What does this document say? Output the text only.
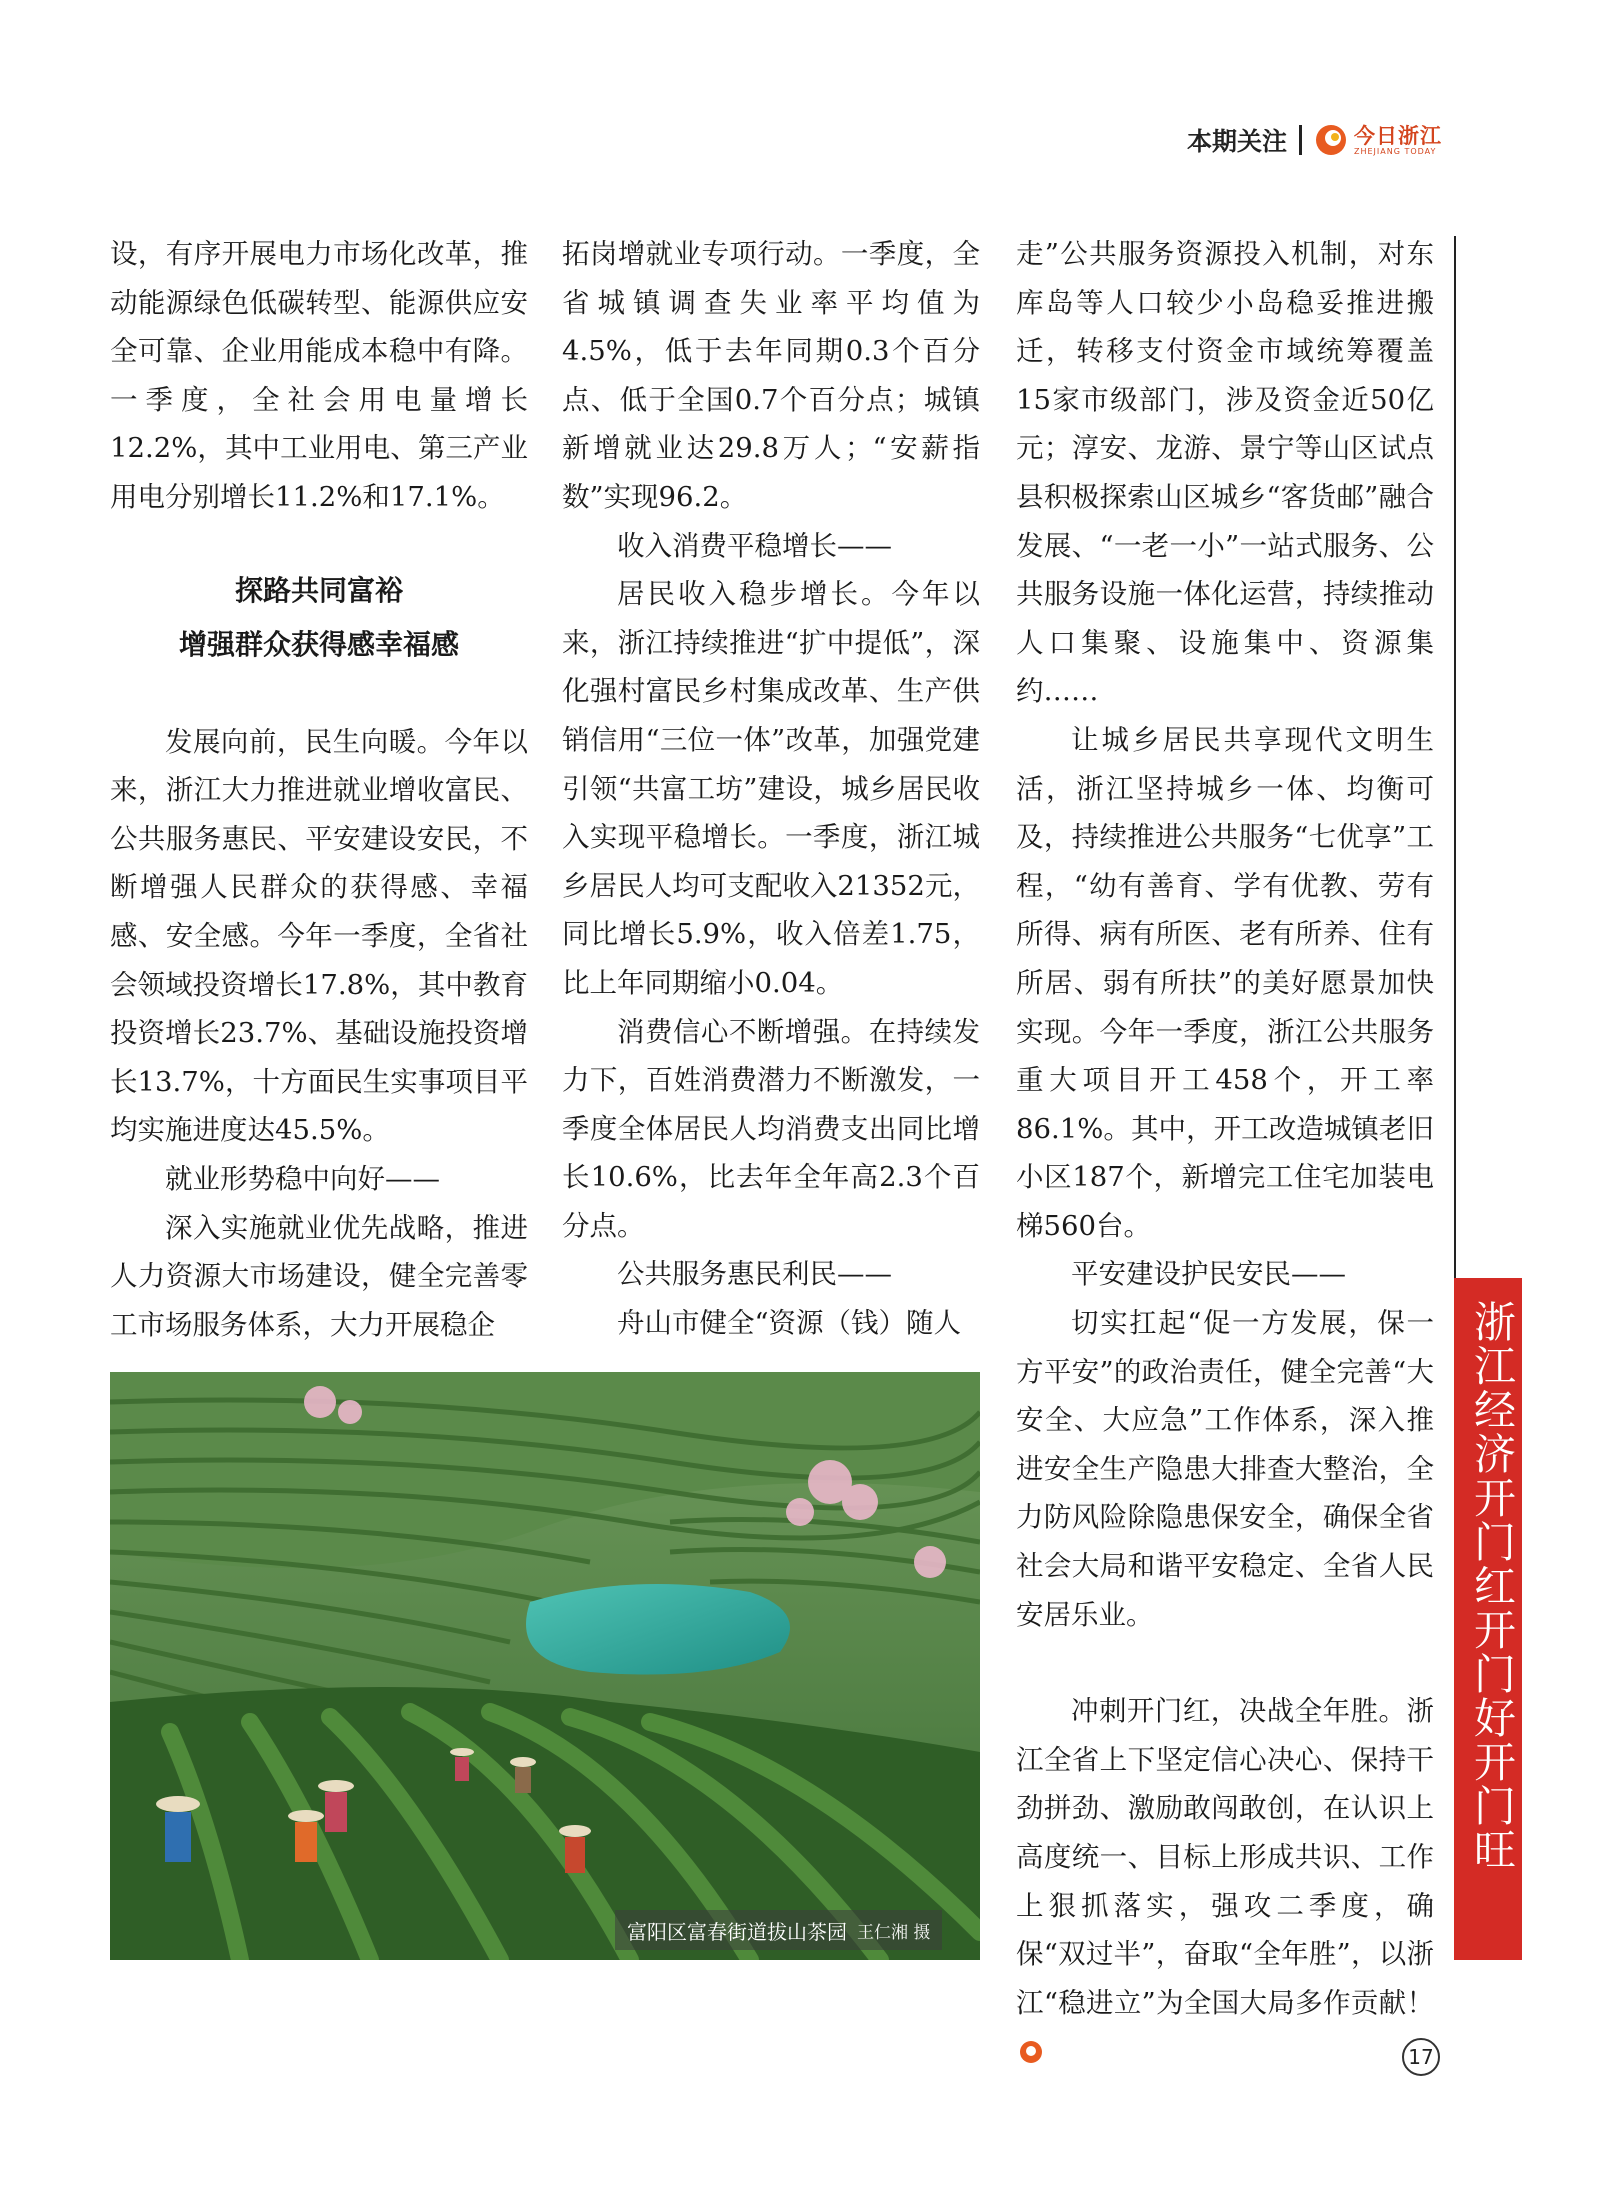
本期关注	今日浙江
ZHEJIANG TODAY

设，有序开展电力市场化改革，推动能源绿色低碳转型、能源供应安全可靠、企业用能成本稳中有降。一季度，全社会用电量增长12.2%，其中工业用电、第三产业用电分别增长11.2%和17.1%。

探路共同富裕
增强群众获得感幸福感

发展向前，民生向暖。今年以来，浙江大力推进就业增收富民、公共服务惠民、平安建设安民，不断增强人民群众的获得感、幸福感、安全感。今年一季度，全省社会领域投资增长17.8%，其中教育投资增长23.7%、基础设施投资增长13.7%，十方面民生实事项目平均实施进度达45.5%。

就业形势稳中向好——

深入实施就业优先战略，推进人力资源大市场建设，健全完善零工市场服务体系，大力开展稳企

拓岗增就业专项行动。一季度，全省城镇调查失业率平均值为4.5%，低于去年同期0.3个百分点、低于全国0.7个百分点；城镇新增就业达29.8万人；“安薪指数”实现96.2。

收入消费平稳增长——

居民收入稳步增长。今年以来，浙江持续推进“扩中提低”，深化强村富民乡村集成改革、生产供销信用“三位一体”改革，加强党建引领“共富工坊”建设，城乡居民收入实现平稳增长。一季度，浙江城乡居民人均可支配收入21352元，同比增长5.9%，收入倍差1.75，比上年同期缩小0.04。

消费信心不断增强。在持续发力下，百姓消费潜力不断激发，一季度全体居民人均消费支出同比增长10.6%，比去年全年高2.3个百分点。

公共服务惠民利民——

舟山市健全“资源（钱）随人

走”公共服务资源投入机制，对东库岛等人口较少小岛稳妥推进搬迁，转移支付资金市域统筹覆盖15家市级部门，涉及资金近50亿元；淳安、龙游、景宁等山区试点县积极探索山区城乡“客货邮”融合发展、“一老一小”一站式服务、公共服务设施一体化运营，持续推动人口集聚、设施集中、资源集约……

让城乡居民共享现代文明生活，浙江坚持城乡一体、均衡可及，持续推进公共服务“七优享”工程，“幼有善育、学有优教、劳有所得、病有所医、老有所养、住有所居、弱有所扶”的美好愿景加快实现。今年一季度，浙江公共服务重大项目开工458个，开工率86.1%。其中，开工改造城镇老旧小区187个，新增完工住宅加装电梯560台。

平安建设护民安民——

切实扛起“促一方发展，保一方平安”的政治责任，健全完善“大安全、大应急”工作体系，深入推进安全生产隐患大排查大整治，全力防风险除隐患保安全，确保全省社会大局和谐平安稳定、全省人民安居乐业。

冲刺开门红，决战全年胜。浙江全省上下坚定信心决心、保持干劲拼劲、激励敢闯敢创，在认识上高度统一、目标上形成共识、工作上狠抓落实，强攻二季度，确保“双过半”，奋取“全年胜”，以浙江“稳进立”为全国大局多作贡献！

浙江经济开门红开门好开门旺
富阳区富春街道拔山茶园 王仁湘 摄
17
